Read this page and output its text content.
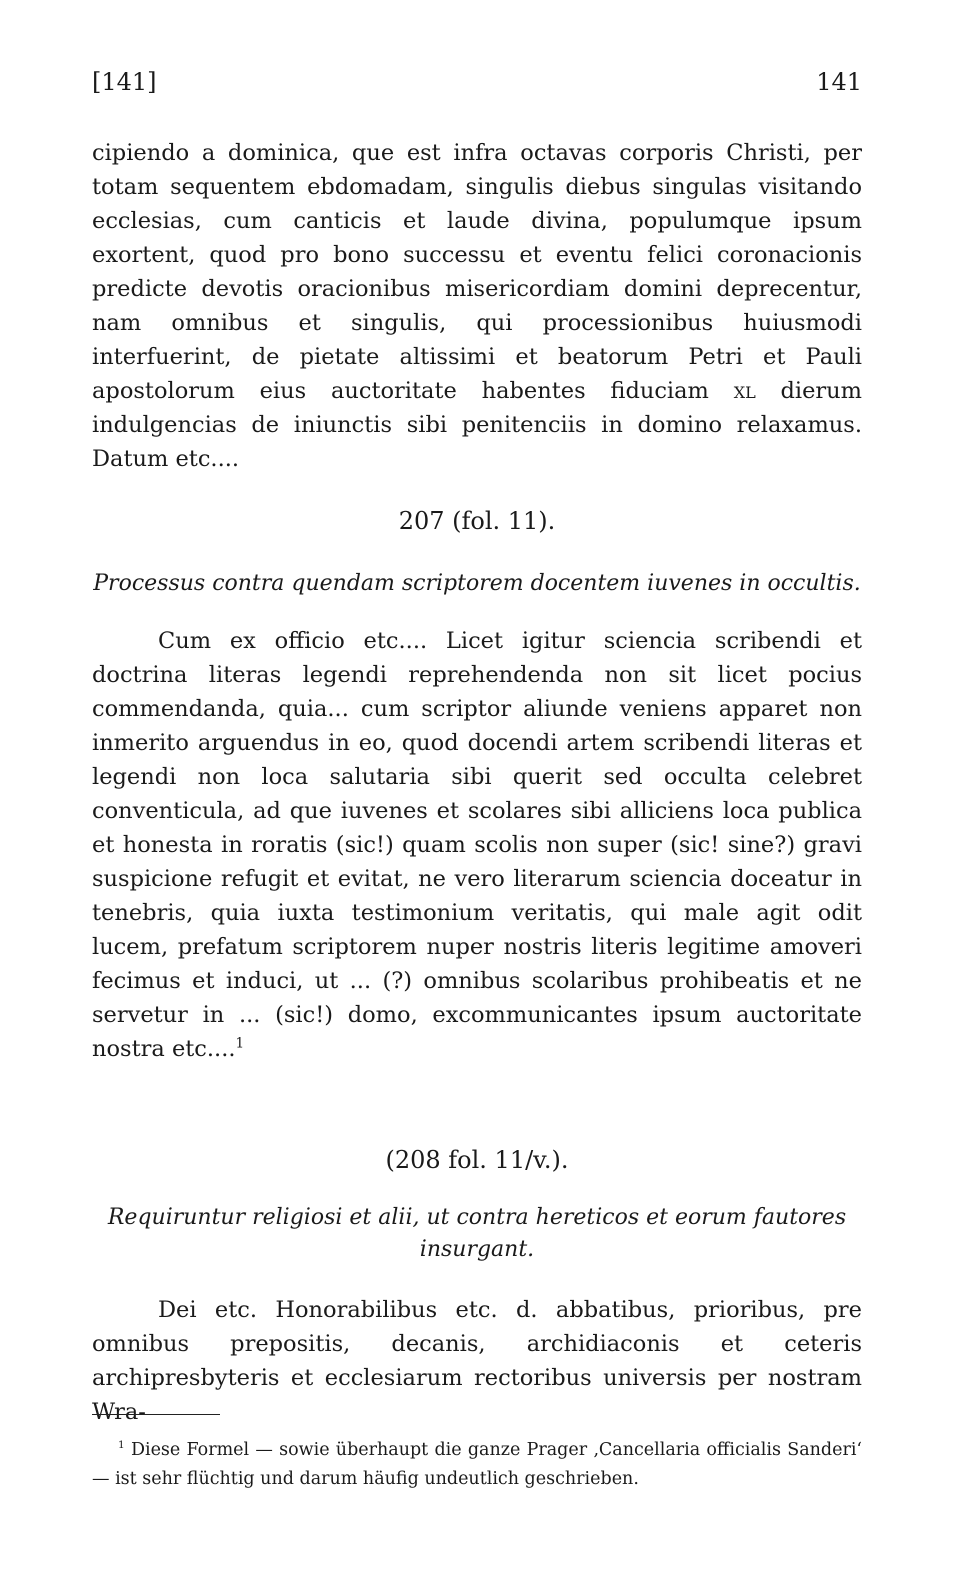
[141]	141

cipiendo a dominica, que est infra octavas corporis Christi, per totam sequentem ebdomadam, singulis diebus singulas visitando ecclesias, cum canticis et laude divina, populumque ipsum exortent, quod pro bono successu et eventu felici coronacionis predicte devotis oracionibus misericordiam domini deprecentur, nam omnibus et singulis, qui processionibus huiusmodi interfuerint, de pietate altissimi et beatorum Petri et Pauli apostolorum eius auctoritate habentes fiduciam xl dierum indulgencias de iniunctis sibi penitenciis in domino relaxamus. Datum etc....

207 (fol. 11).

Processus contra quendam scriptorem docentem iuvenes in occultis.

Cum ex officio etc.... Licet igitur sciencia scribendi et doctrina literas legendi reprehendenda non sit licet pocius commendanda, quia... cum scriptor aliunde veniens apparet non inmerito arguendus in eo, quod docendi artem scribendi literas et legendi non loca salutaria sibi querit sed occulta celebret conventicula, ad que iuvenes et scolares sibi alliciens loca publica et honesta in roratis (sic!) quam scolis non super (sic! sine?) gravi suspicione refugit et evitat, ne vero literarum sciencia doceatur in tenebris, quia iuxta testimonium veritatis, qui male agit odit lucem, prefatum scriptorem nuper nostris literis legitime amoveri fecimus et induci, ut ... (?) omnibus scolaribus prohibeatis et ne servetur in ... (sic!) domo, excommunicantes ipsum auctoritate nostra etc....$^1$

(208 fol. 11/v.).

Requiruntur religiosi et alii, ut contra hereticos et eorum fautores insurgant.

Dei etc. Honorabilibus etc. d. abbatibus, prioribus, pre omnibus prepositis, decanis, archidiaconis et ceteris archipresbyteris et ecclesiarum rectoribus universis per nostram Wra-

$^1$ Diese Formel — sowie überhaupt die ganze Prager ‚Cancellaria officialis Sanderi‘ — ist sehr flüchtig und darum häufig undeutlich geschrieben.
